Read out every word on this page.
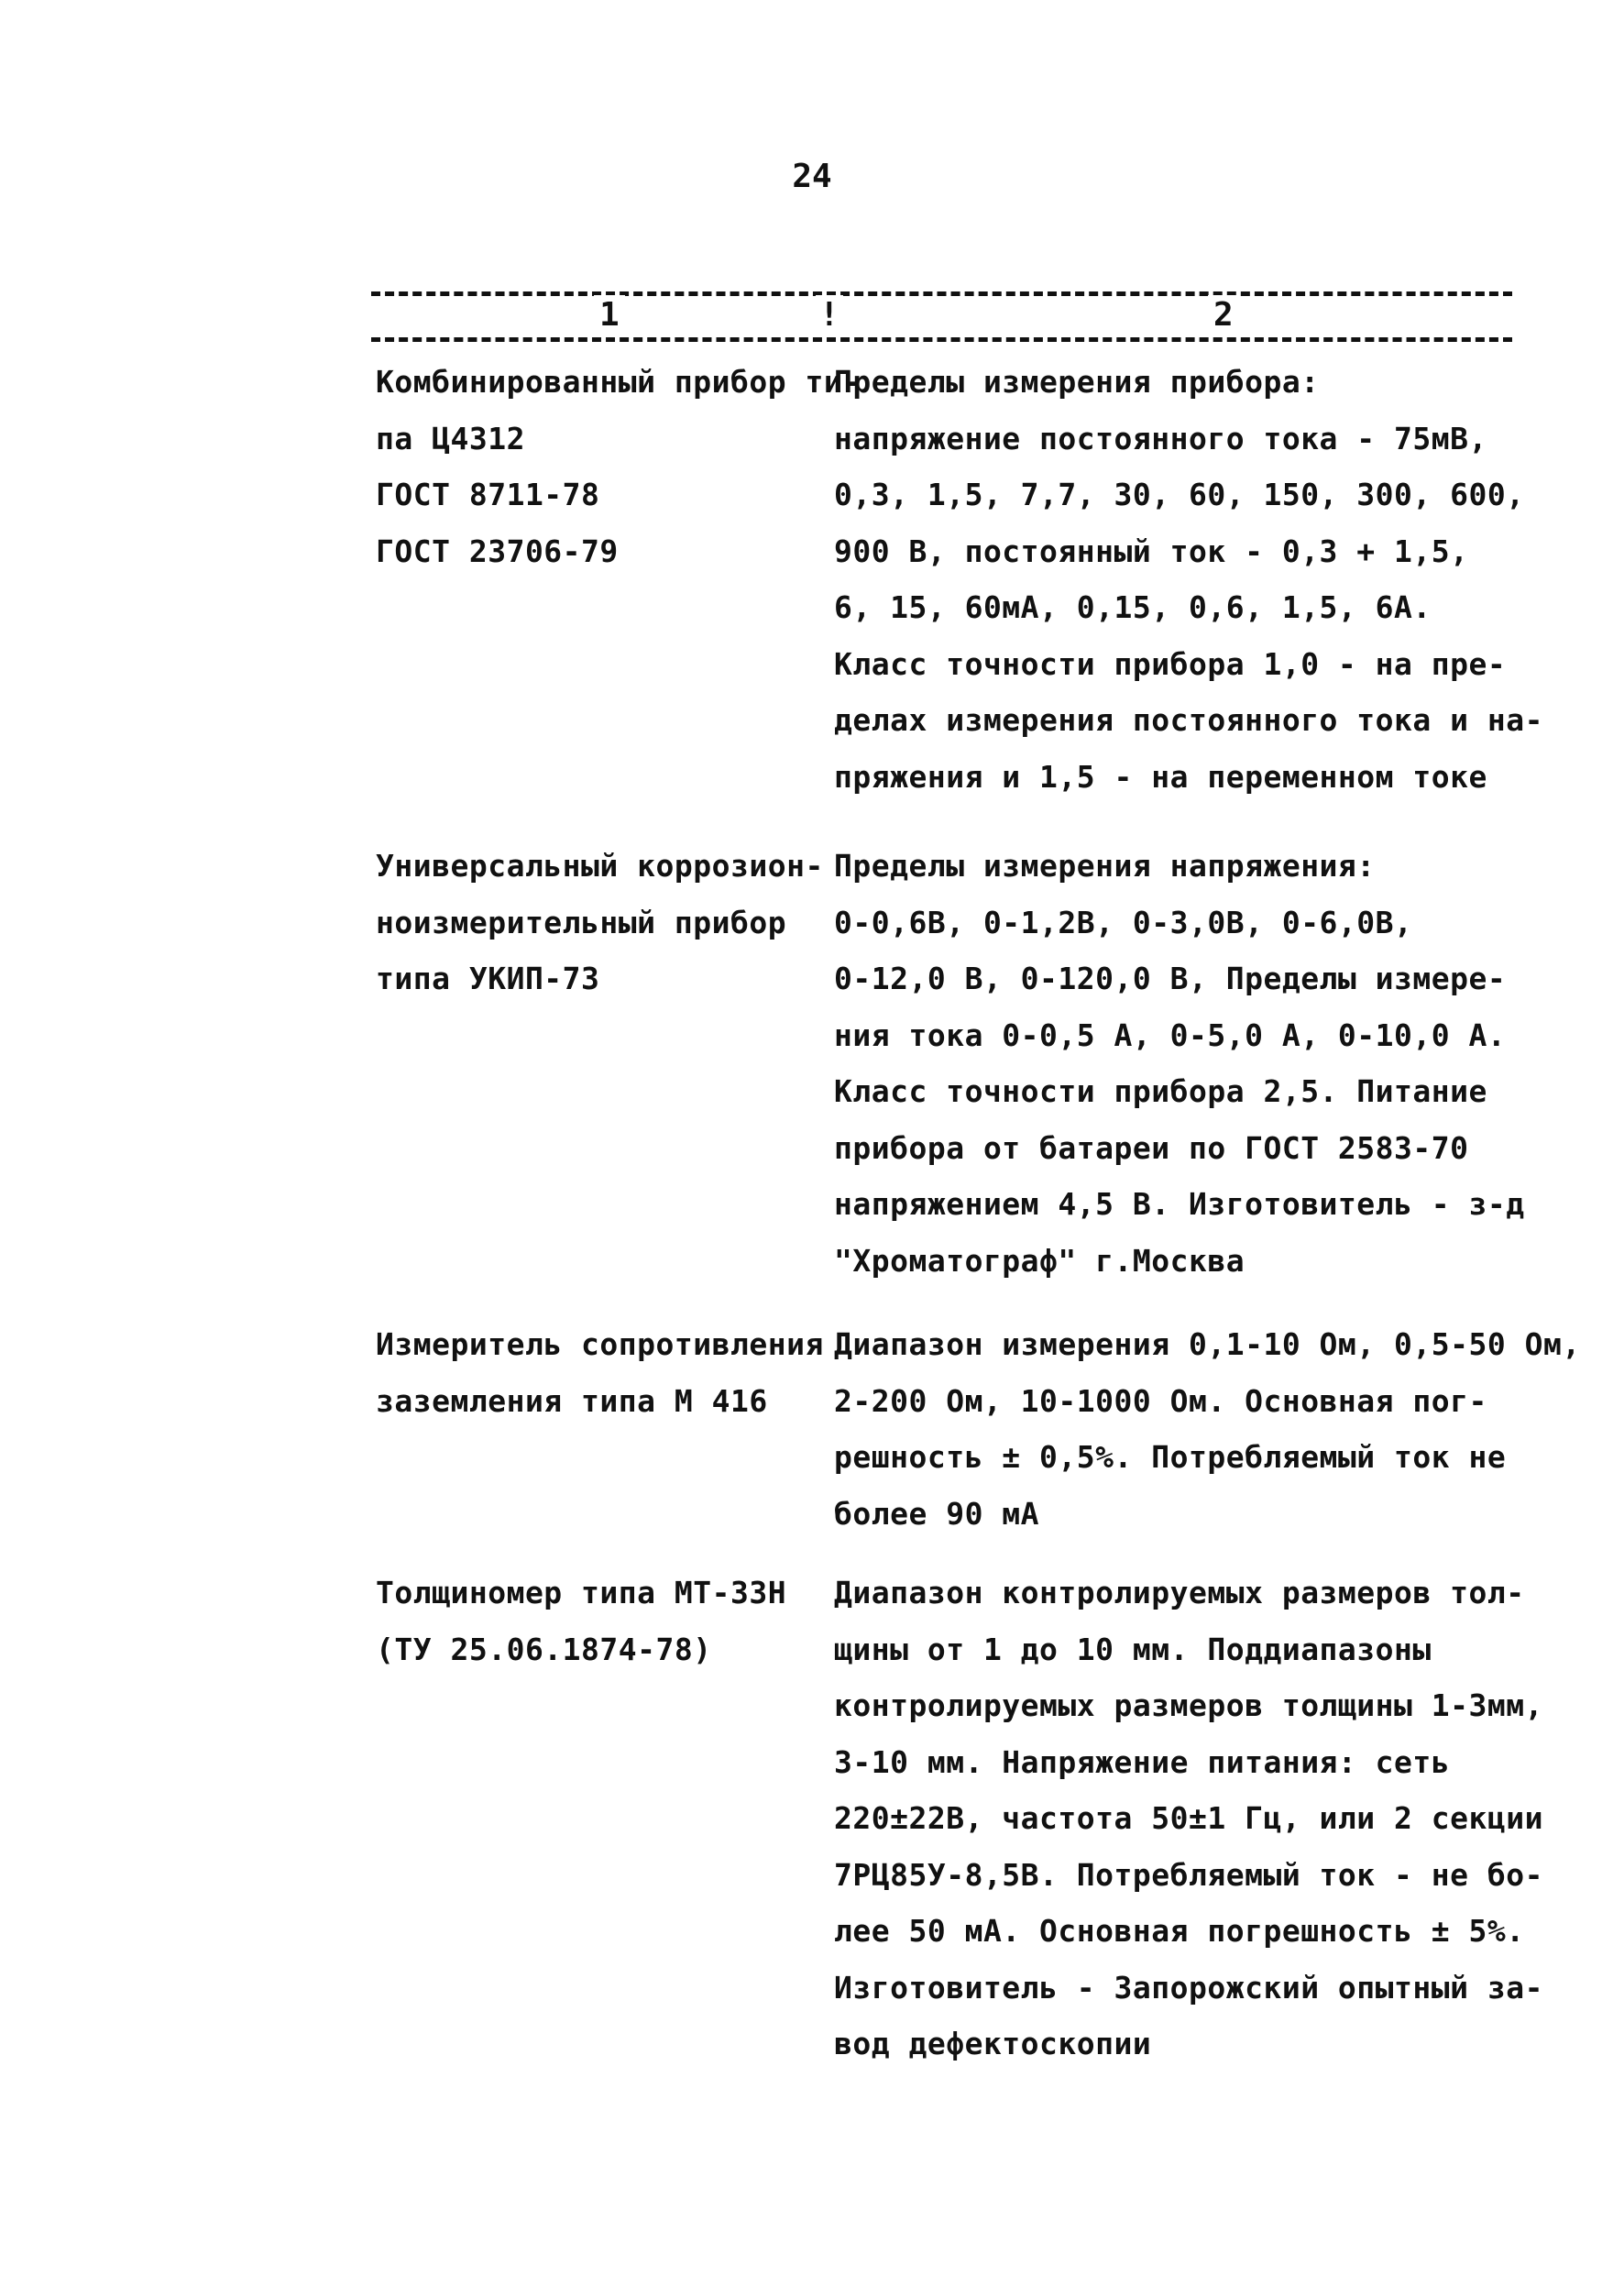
24
1	!	2
Комбинированный прибор ти-
па Ц4312
ГОСТ 8711-78
ГОСТ 23706-79
Пределы измерения прибора:
напряжение постоянного тока - 75мВ,
0,3, 1,5, 7,7, 30, 60, 150, 300, 600,
900 В, постоянный ток - 0,3 + 1,5,
6, 15, 60мА, 0,15, 0,6, 1,5, 6А.
Класс точности прибора 1,0 - на пре-
делах измерения постоянного тока и на-
пряжения и 1,5 - на переменном токе
Универсальный коррозион-
ноизмерительный прибор
типа УКИП-73
Пределы измерения напряжения:
0-0,6В, 0-1,2В, 0-3,0В, 0-6,0В,
0-12,0 В, 0-120,0 В, Пределы измере-
ния тока 0-0,5 А, 0-5,0 А, 0-10,0 А.
Класс точности прибора 2,5. Питание
прибора от батареи по ГОСТ 2583-70
напряжением 4,5 В. Изготовитель - з-д
"Хроматограф" г.Москва
Измеритель сопротивления
заземления типа М 416
Диапазон измерения 0,1-10 Ом, 0,5-50 Ом,
2-200 Ом, 10-1000 Ом. Основная пог-
решность ± 0,5%. Потребляемый ток не
более 90 мА
Толщиномер типа МТ-33Н
(ТУ 25.06.1874-78)
Диапазон контролируемых размеров тол-
щины от 1 до 10 мм. Поддиапазоны
контролируемых размеров толщины 1-3мм,
3-10 мм. Напряжение питания: сеть
220±22В, частота 50±1 Гц, или 2 секции
7РЦ85У-8,5В. Потребляемый ток - не бо-
лее 50 мА. Основная погрешность ± 5%.
Изготовитель - Запорожский опытный за-
вод дефектоскопии
